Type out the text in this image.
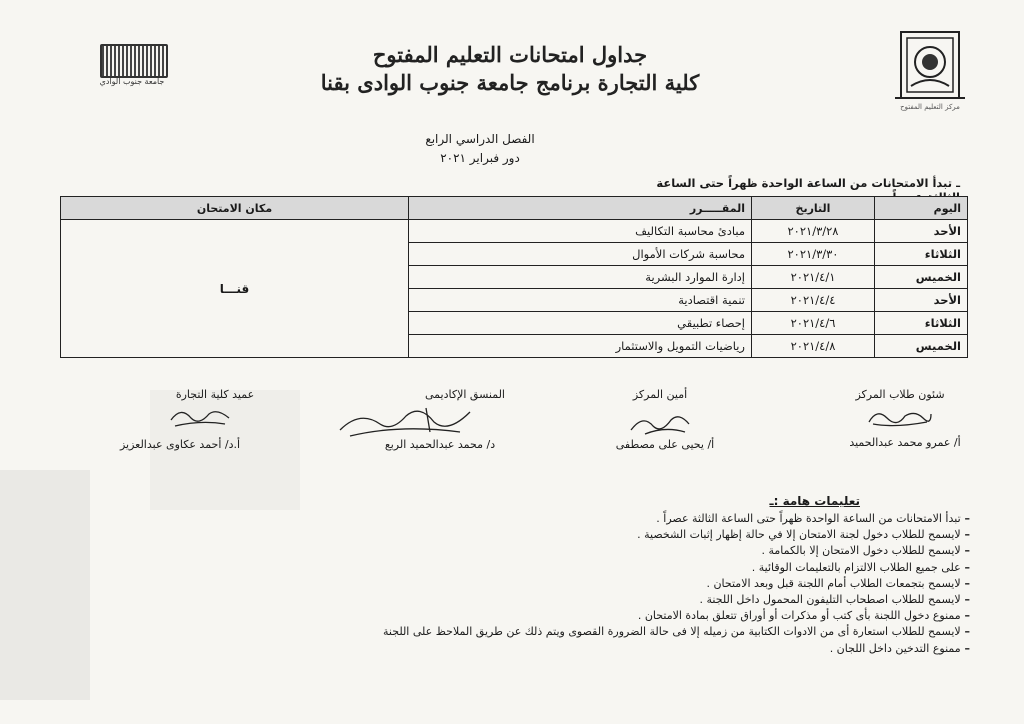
مركز التعليم المفتوح
جامعة جنوب الوادي
جداول امتحانات التعليم المفتوح
كلية التجارة برنامج جامعة جنوب الوادى بقنا
الفصل الدراسي الرابع
دور فبراير ٢٠٢١
ـ تبدأ الامتحانات من الساعة الواحدة ظهراً حتى الساعة
اليوم	التاريخ	المقـــــرر	مكان الامتحان
الأحد	٢٠٢١/٣/٢٨	مبادئ محاسبة التكاليف	قنـــا
الثلاثاء	٢٠٢١/٣/٣٠	محاسبة شركات الأموال	
الخميس	٢٠٢١/٤/١	إدارة الموارد البشرية	
الأحد	٢٠٢١/٤/٤	تنمية اقتصادية	
الثلاثاء	٢٠٢١/٤/٦	إحصاء تطبيقي	
الخميس	٢٠٢١/٤/٨	رياضيات التمويل والاستثمار	
شئون طلاب المركز
أ/ عمرو محمد عبدالحميد
أمين المركز
أ/ يحيى على مصطفى
المنسق الإكاديمى
د/ محمد عبدالحميد الربع
عميد كلية التجارة
أ.د/ أحمد عكاوى عبدالعزيز
تعليمات هامة :ـ
– تبدأ الامتحانات من الساعة الواحدة ظهراً حتى الساعة الثالثة عصراً .
– لايسمح للطلاب دخول لجنة الامتحان إلا في حالة إظهار إثبات الشخصية .
– لايسمح للطلاب دخول الامتحان إلا بالكمامة .
– على جميع الطلاب الالتزام بالتعليمات الوقائية .
– لايسمح بتجمعات الطلاب أمام اللجنة قبل وبعد الامتحان .
– لايسمح للطلاب اصطحاب التليفون المحمول داخل اللجنة .
– ممنوع دخول اللجنة بأى كتب أو مذكرات أو أوراق تتعلق بمادة الامتحان .
– لايسمح للطلاب استعارة أى من الادوات الكتابية من زميله إلا فى حالة الضرورة القصوى ويتم ذلك عن طريق الملاحظ على اللجنة
– ممنوع التدخين داخل اللجان .
